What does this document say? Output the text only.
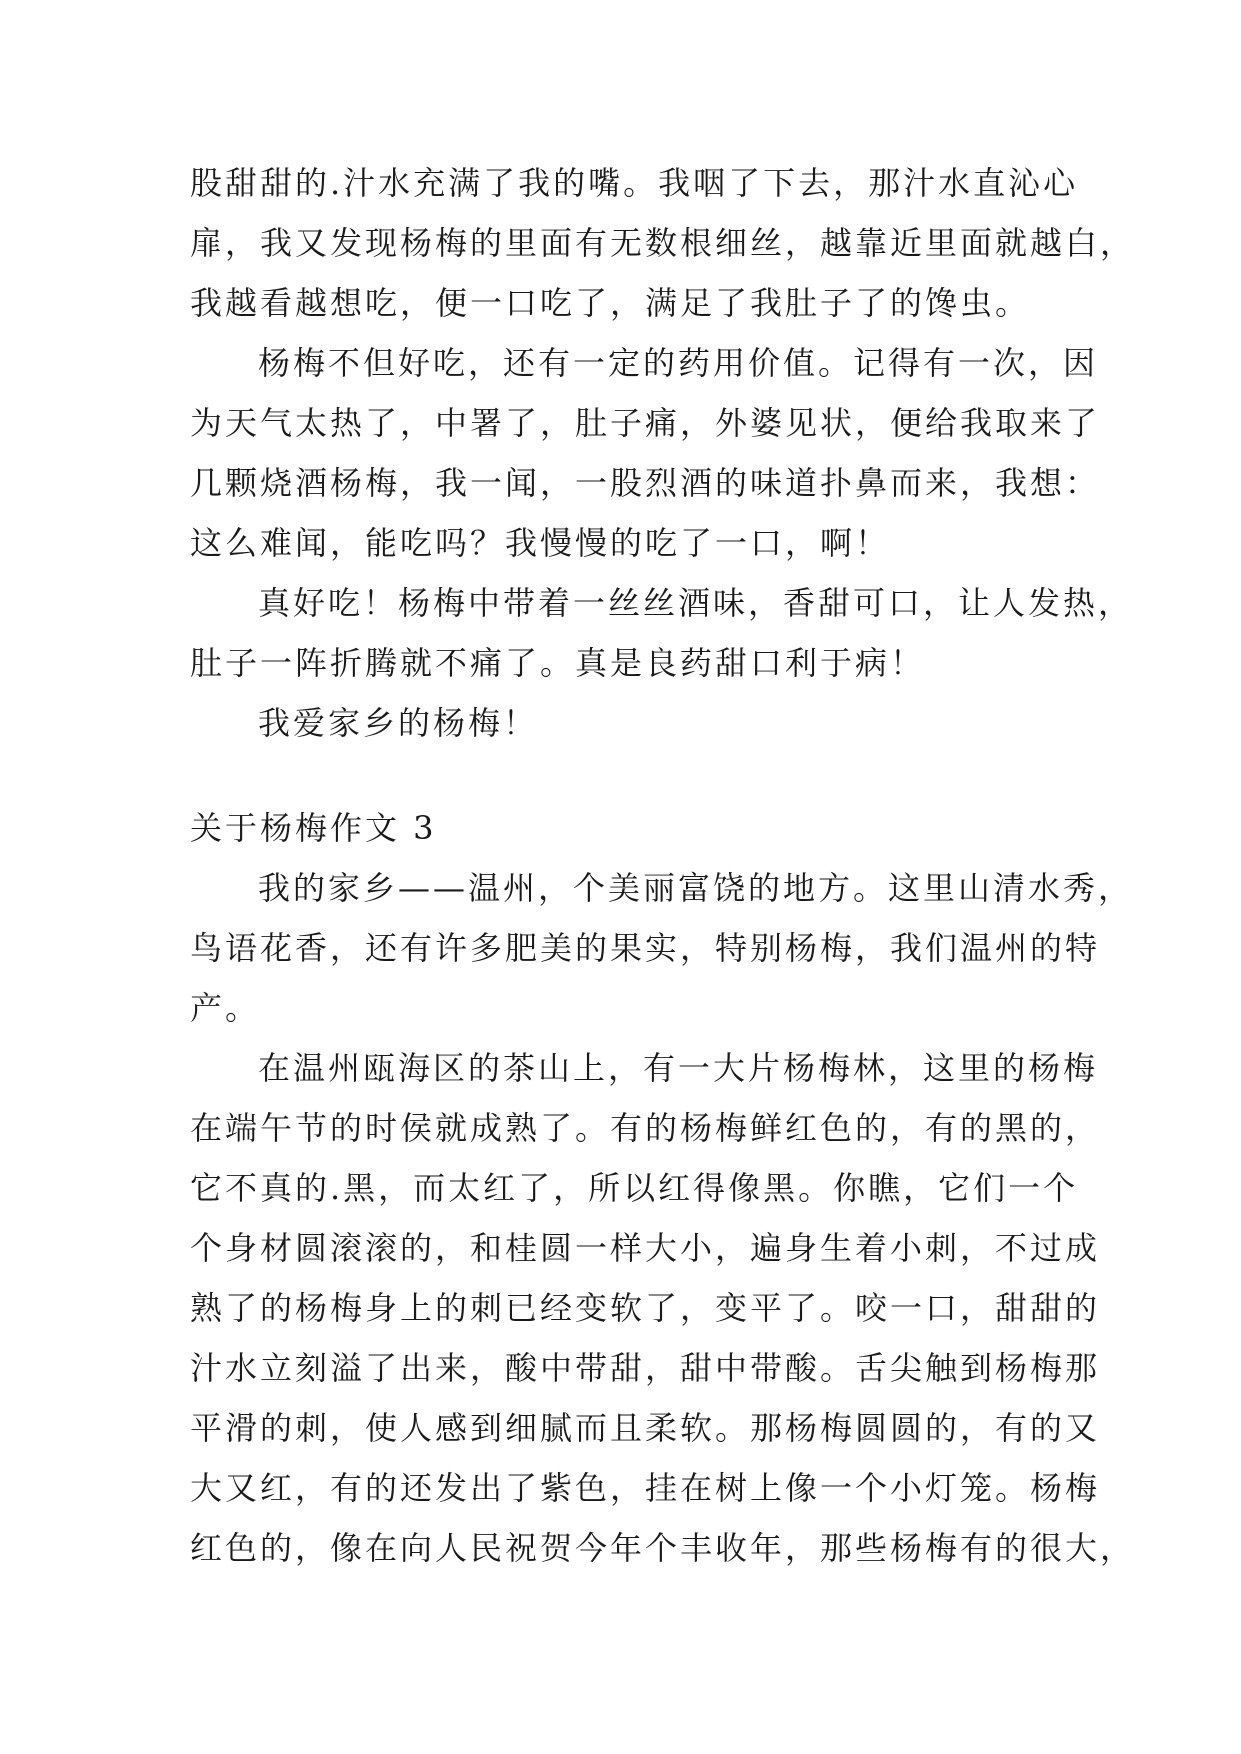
股甜甜的.汁水充满了我的嘴。我咽了下去，那汁水直沁心
扉，我又发现杨梅的里面有无数根细丝，越靠近里面就越白，
我越看越想吃，便一口吃了，满足了我肚子了的馋虫。
杨梅不但好吃，还有一定的药用价值。记得有一次，因
为天气太热了，中署了，肚子痛，外婆见状，便给我取来了
几颗烧酒杨梅，我一闻，一股烈酒的味道扑鼻而来，我想：
这么难闻，能吃吗？我慢慢的吃了一口，啊！
真好吃！杨梅中带着一丝丝酒味，香甜可口，让人发热，
肚子一阵折腾就不痛了。真是良药甜口利于病！
我爱家乡的杨梅！
关于杨梅作文 3
我的家乡——温州，个美丽富饶的地方。这里山清水秀，
鸟语花香，还有许多肥美的果实，特别杨梅，我们温州的特
产。
在温州瓯海区的茶山上，有一大片杨梅林，这里的杨梅
在端午节的时侯就成熟了。有的杨梅鲜红色的，有的黑的，
它不真的.黑，而太红了，所以红得像黑。你瞧，它们一个
个身材圆滚滚的，和桂圆一样大小，遍身生着小刺，不过成
熟了的杨梅身上的刺已经变软了，变平了。咬一口，甜甜的
汁水立刻溢了出来，酸中带甜，甜中带酸。舌尖触到杨梅那
平滑的刺，使人感到细腻而且柔软。那杨梅圆圆的，有的又
大又红，有的还发出了紫色，挂在树上像一个小灯笼。杨梅
红色的，像在向人民祝贺今年个丰收年，那些杨梅有的很大，
